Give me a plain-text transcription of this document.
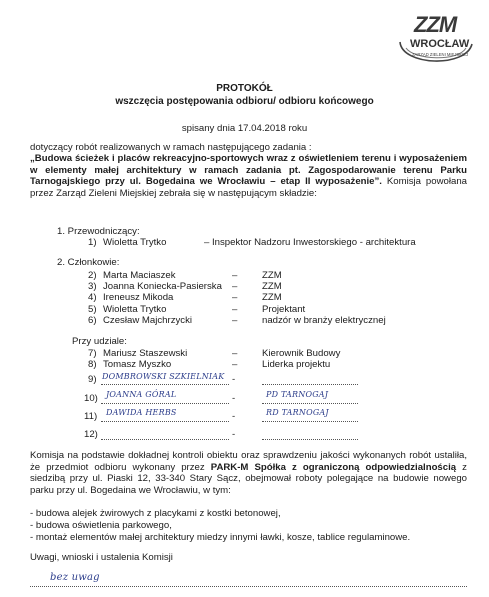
ZZM
WROCŁAW
ZARZĄD ZIELENI MIEJSKIEJ
PROTOKÓŁ
wszczęcia postępowania odbioru/ odbioru końcowego
spisany dnia 17.04.2018 roku
dotyczący robót realizowanych w ramach następującego zadania :
„Budowa ścieżek i placów rekreacyjno-sportowych wraz z oświetleniem terenu i wyposażeniem w elementy małej architektury w ramach zadania pt. Zagospodarowanie terenu Parku Tarnogajskiego przy ul. Bogedaina we Wrocławiu – etap II wyposażenie”. Komisja powołana przez Zarząd Zieleni Miejskiej zebrała się w następującym składzie:
1. Przewodniczący:
1) Wioletta Trytko	– Inspektor Nadzoru Inwestorskiego - architektura
2. Członkowie:
2) Marta Maciaszek	–	ZZM
3) Joanna Koniecka-Pasierska –	ZZM
4) Ireneusz Mikoda	–	ZZM
5) Wioletta Trytko	–	Projektant
6) Czesław Majchrzycki	–	nadzór w branży elektrycznej
Przy udziale:
7) Mariusz Staszewski	–	Kierownik Budowy
8) Tomasz Myszko	–	Liderka projektu
9) DOMBROWSKI SZKIELNIAK -
10) JOANNA GÓRAL	-	PD TARNOGAJ
11) DAWIDA HERBS	-	RD TARNOGAJ
12)	-
Komisja na podstawie dokładnej kontroli obiektu oraz sprawdzeniu jakości wykonanych robót ustaliła, że przedmiot odbioru wykonany przez PARK-M Spółka z ograniczoną odpowiedzialnością z siedzibą przy ul. Piaski 12, 33-340 Stary Sącz, obejmował roboty polegające na budowie nowego parku przy ul. Bogedaina we Wrocławiu, w tym:
- budowa alejek żwirowych z placykami z kostki betonowej,
- budowa oświetlenia parkowego,
- montaż elementów małej architektury miedzy innymi ławki, kosze, tablice regulaminowe.
Uwagi, wnioski i ustalenia Komisji
bez uwag
